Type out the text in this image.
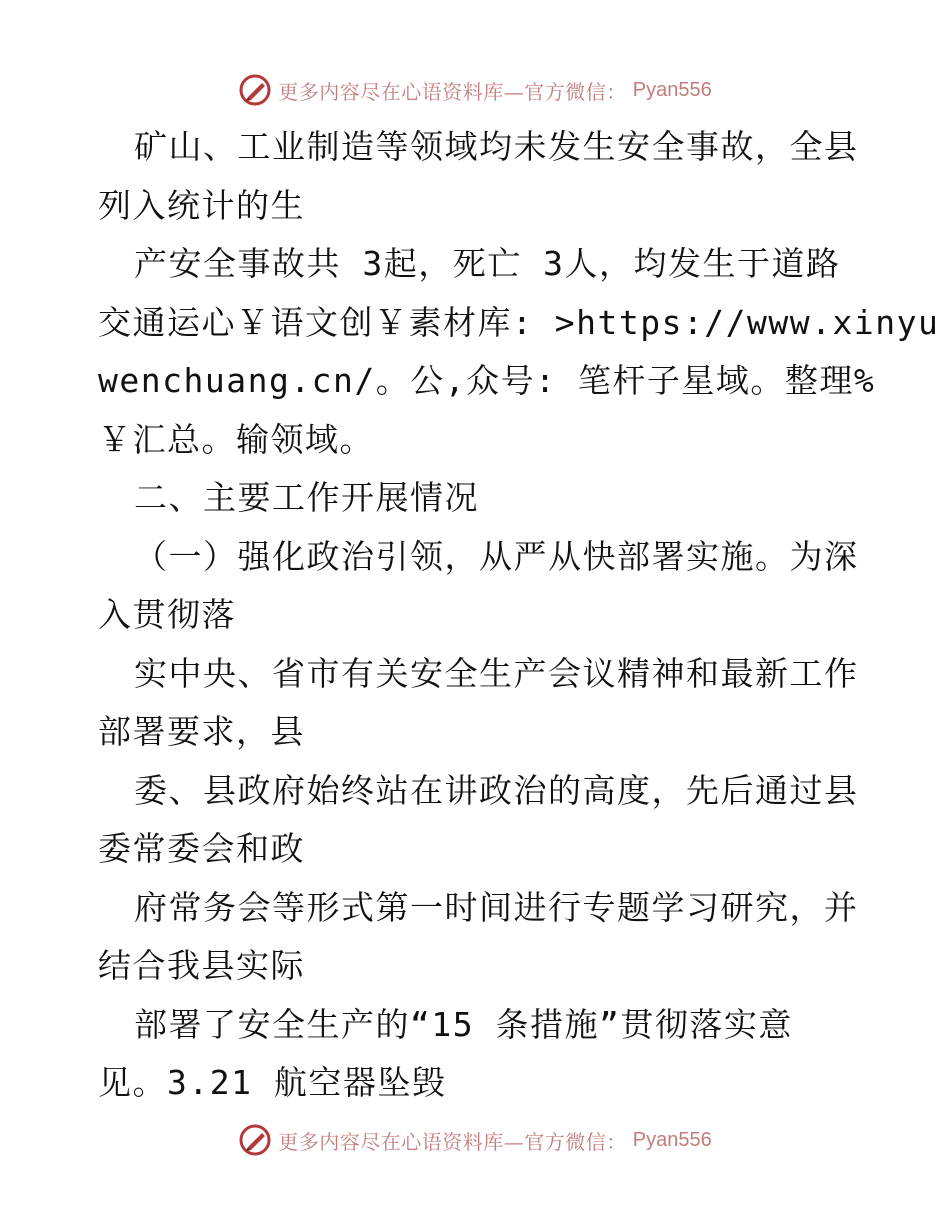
更多内容尽在心语资料库—官方微信： Pyan556
矿山、工业制造等领域均未发生安全事故，全县
列入统计的生
产安全事故共 3起，死亡 3人，均发生于道路
交通运心￥语文创￥素材库: >https://www.xinyu
wenchuang.cn/。公,众号: 笔杆子星域。整理%
￥汇总。输领域。
二、主要工作开展情况
（一）强化政治引领，从严从快部署实施。为深
入贯彻落
实中央、省市有关安全生产会议精神和最新工作
部署要求，县
委、县政府始终站在讲政治的高度，先后通过县
委常委会和政
府常务会等形式第一时间进行专题学习研究，并
结合我县实际
部署了安全生产的“15 条措施”贯彻落实意
见。3.21 航空器坠毁
更多内容尽在心语资料库—官方微信： Pyan556
